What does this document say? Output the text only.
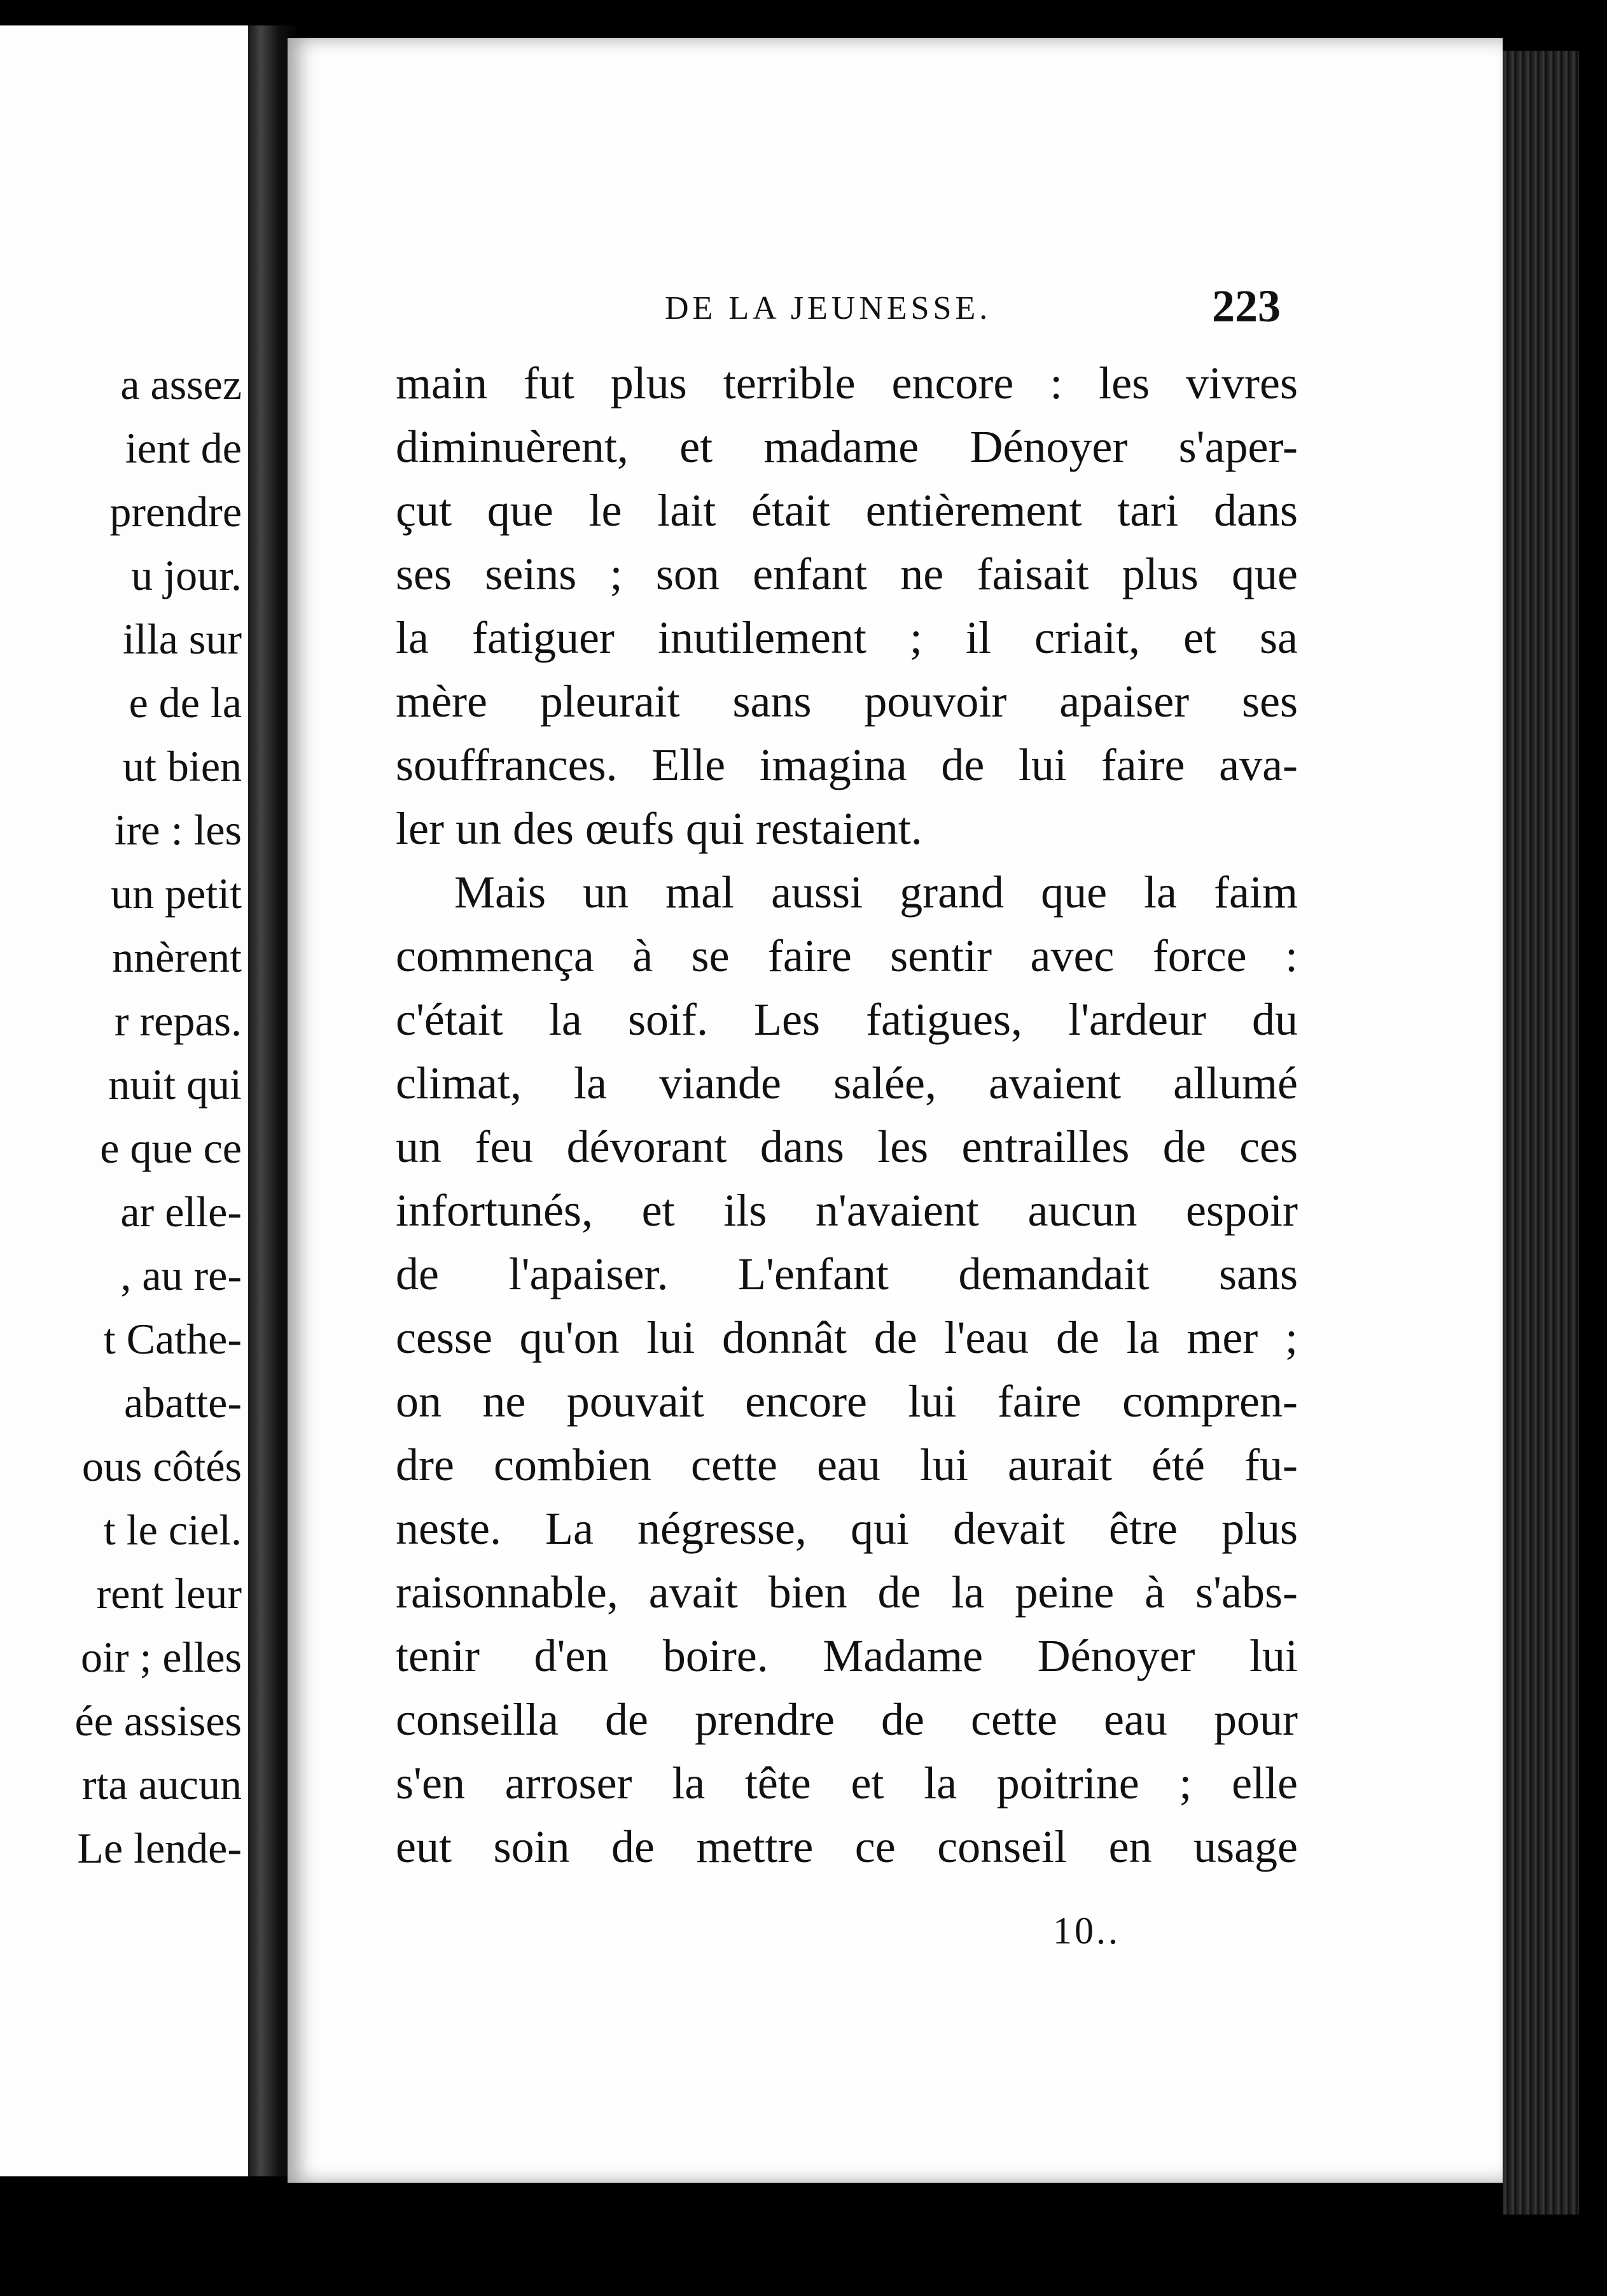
a assez
ient de
prendre
u jour.
illa sur
e de la
ut bien
ire : les
un petit
nnèrent
r repas.
nuit qui
e que ce
ar elle-
, au re-
t Cathe-
abatte-
ous côtés
t le ciel.
rent leur
oir ; elles
ée assises
rta aucun
Le lende-
DE LA JEUNESSE.	223
main fut plus terrible encore : les vivres
diminuèrent, et madame Dénoyer s'aper-
çut que le lait était entièrement tari dans
ses seins ; son enfant ne faisait plus que
la fatiguer inutilement ; il criait, et sa
mère pleurait sans pouvoir apaiser ses
souffrances. Elle imagina de lui faire ava-
ler un des œufs qui restaient.
Mais un mal aussi grand que la faim
commença à se faire sentir avec force :
c'était la soif. Les fatigues, l'ardeur du
climat, la viande salée, avaient allumé
un feu dévorant dans les entrailles de ces
infortunés, et ils n'avaient aucun espoir
de l'apaiser. L'enfant demandait sans
cesse qu'on lui donnât de l'eau de la mer ;
on ne pouvait encore lui faire compren-
dre combien cette eau lui aurait été fu-
neste. La négresse, qui devait être plus
raisonnable, avait bien de la peine à s'abs-
tenir d'en boire. Madame Dénoyer lui
conseilla de prendre de cette eau pour
s'en arroser la tête et la poitrine ; elle
eut soin de mettre ce conseil en usage
10..
